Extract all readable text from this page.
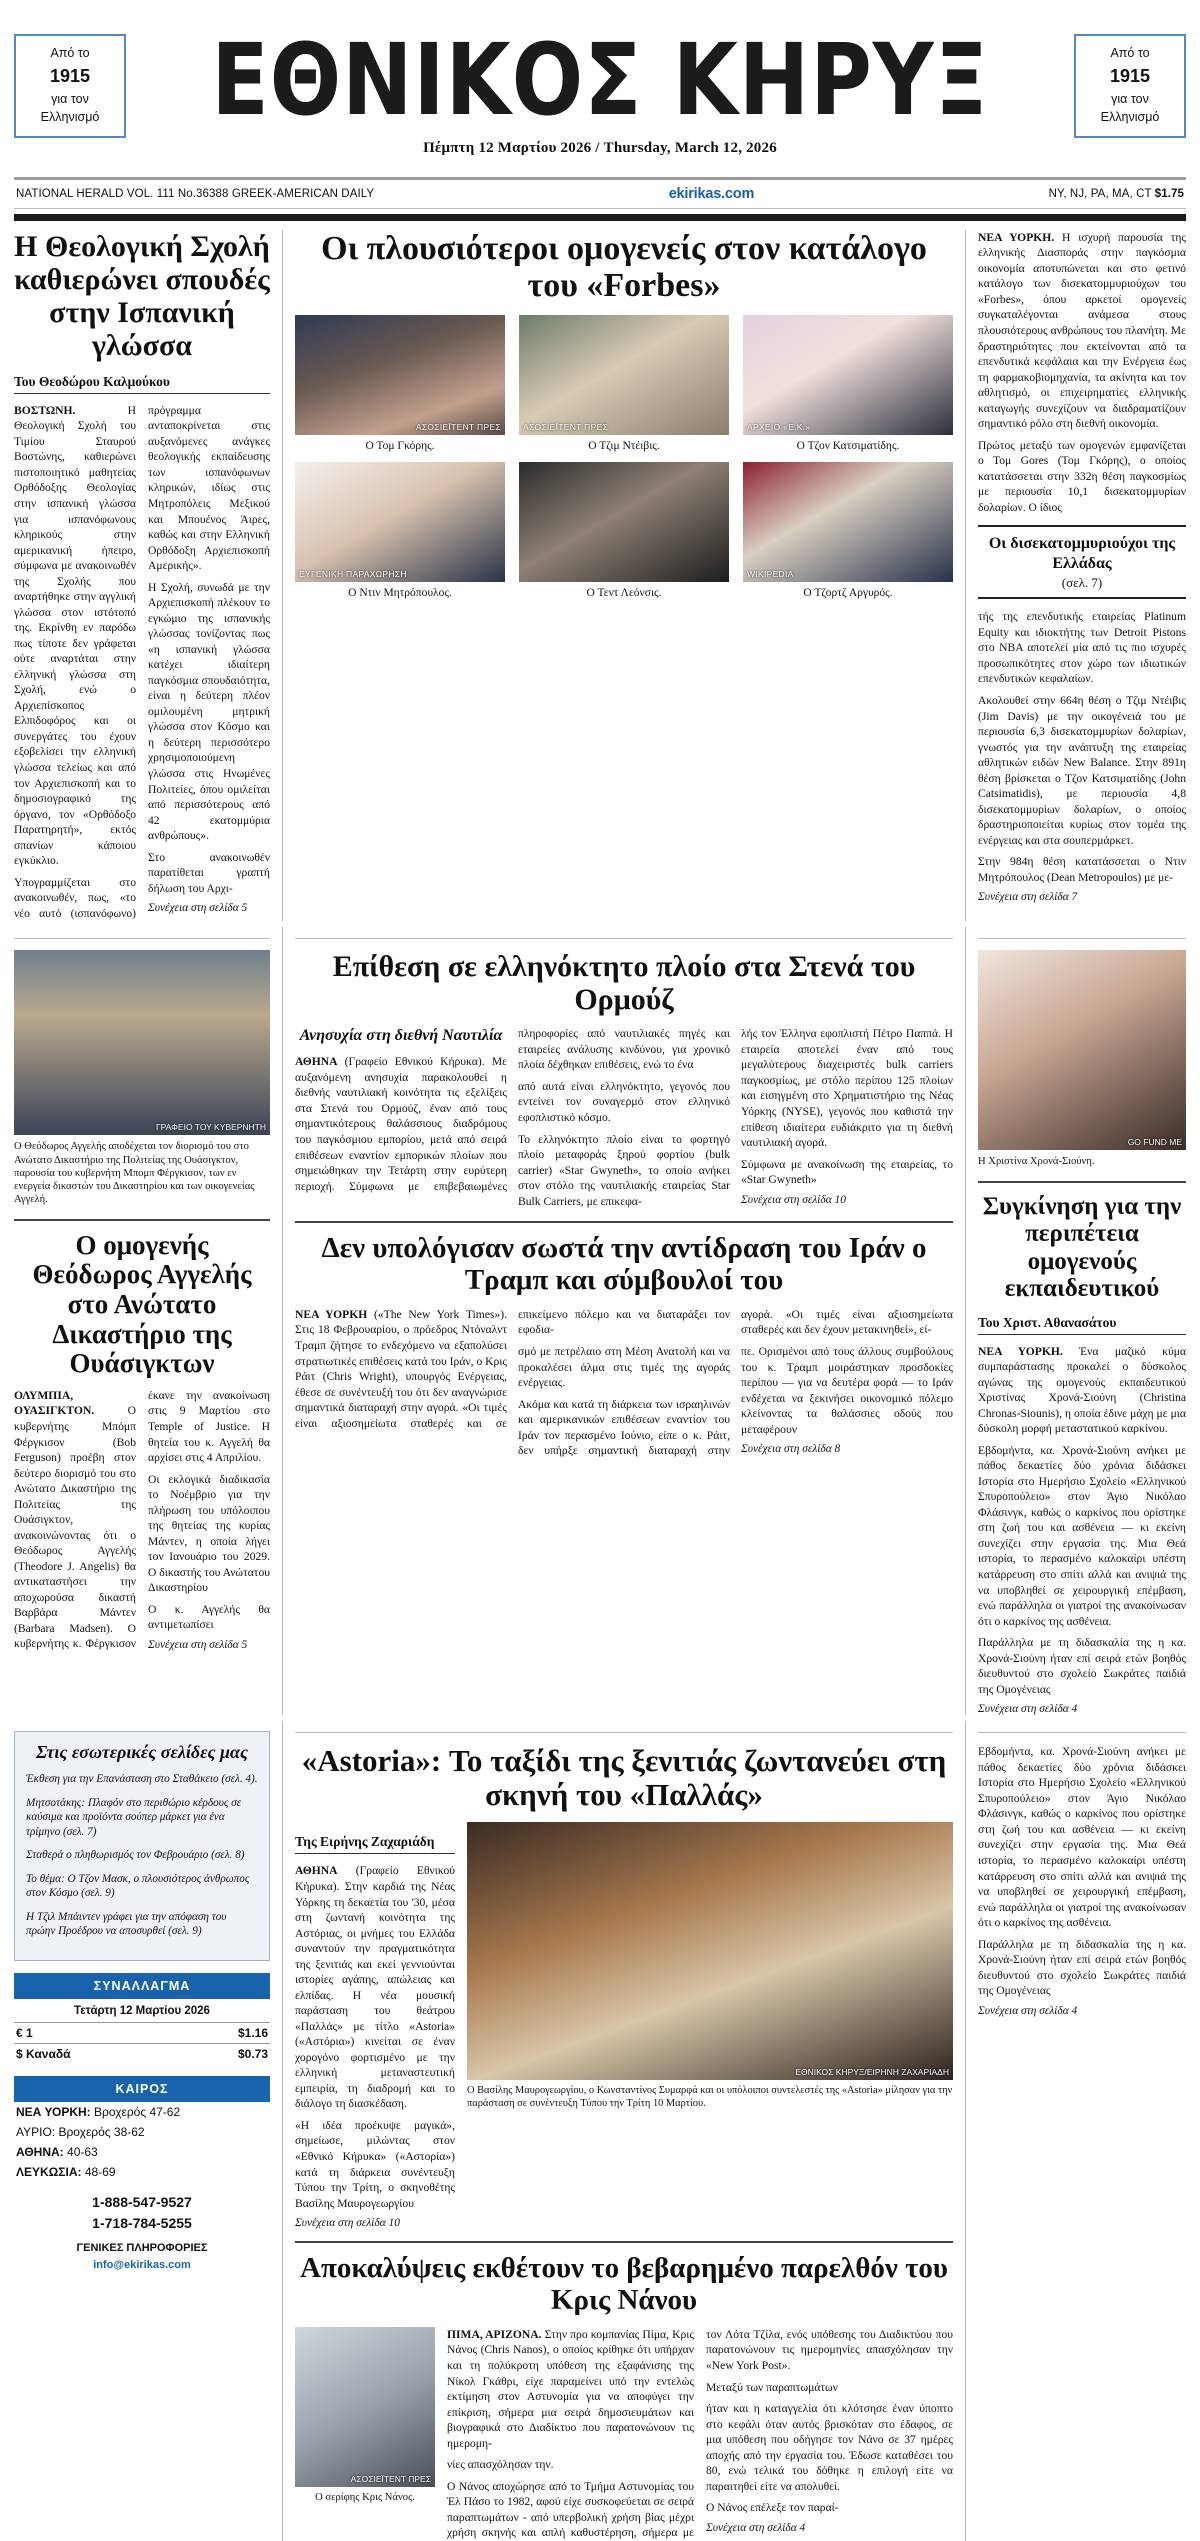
Από το
1915
για τον
Ελληνισμό	ΕΘΝΙΚΟΣ ΚΗΡΥΞ
Πέμπτη 12 Μαρτίου 2026 / Thursday, March 12, 2026
Από το
1915
για τον
Ελληνισμό
NATIONAL HERALD VOL. 111 No.36388 GREEK-AMERICAN DAILY	ekirikas.com	NY, NJ, PA, MA, CT $1.75
Η Θεολογική Σχολή καθιερώνει σπουδές στην Ισπανική γλώσσα
Του Θεοδώρου Καλμούκου

ΒΟΣΤΩΝΗ. Η Θεολογική Σχολή του Τιμίου Σταυρού Βοστώνης, καθιερώνει πιστοποιητικό μαθητείας Ορθόδοξης Θεολογίας στην ισπανική γλώσσα για ισπανόφωνους κληρικούς στην αμερικανική ήπειρο, σύμφωνα με ανακοινωθέν της Σχολής που αναρτήθηκε στην αγγλική γλώσσα στον ιστότοπό της. Εκρίνθη εν παρόδω πως τίποτε δεν γράφεται ούτε αναρτάται στην ελληνική γλώσσα στη Σχολή, ενώ ο Αρχιεπίσκοπος Ελπιδοφόρος και οι συνεργάτες του έχουν εξοβελίσει την ελληνική γλώσσα τελείως και από τον Αρχιεπισκοπή και το δημοσιογραφικό της όργανο, τον «Ορθόδοξο Παρατηρητή», εκτός σπανίων κάποιου εγκύκλιο.

Υπογραμμίζεται στο ανακοινωθέν, πως, «το νέο αυτό (ισπανόφωνο) πρόγραμμα ανταποκρίνεται στις αυξανόμενες ανάγκες θεολογικής εκπαίδευσης των ισπανόφωνων κληρικών, ιδίως στις Μητροπόλεις Μεξικού και Μπουένος Άιρες, καθώς και στην Ελληνική Ορθόδοξη Αρχιεπισκοπή Αμερικής».

Η Σχολή, συνωδά με την Αρχιεπισκοπή πλέκουν το εγκώμιο της ισπανικής γλώσσας τονίζοντας πως «η ισπανική γλώσσα κατέχει ιδιαίτερη παγκόσμια σπουδαιότητα, είναι η δεύτερη πλέον ομιλουμένη μητρική γλώσσα στον Κόσμο και η δεύτερη περισσότερο χρησιμοποιούμενη γλώσσα στις Ηνωμένες Πολιτείες, όπου ομιλείται από περισσότερους από 42 εκατομμύρια ανθρώπους».

Στο ανακοινωθέν παρατίθεται γραπτή δήλωση του Αρχι-

Συνέχεια στη σελίδα 5
Οι πλουσιότεροι ομογενείς στον κατάλογο του «Forbes»
ΑΣΟΣΙΕΪΤΕΝΤ ΠΡΕΣ
Ο Τομ Γκόρης.
ΑΣΟΣΙΕΪΤΕΝΤ ΠΡΕΣ
Ο Τζιμ Ντέιβις.
ΑΡΧΕΙΟ «Ε.Κ.»
Ο Τζον Κατσιματίδης.
ΕΥΓΕΝΙΚΗ ΠΑΡΑΧΩΡΗΣΗ
Ο Ντιν Μητρόπουλος.	Ο Τεντ Λεόνσις.
WIKIPEDIA
Ο Τζορτζ Αργυρός.

ΝΕΑ ΥΟΡΚΗ. Η ισχυρή παρουσία της ελληνικής Διασποράς στην παγκόσμια οικονομία αποτυπώνεται και στο φετινό κατάλογο των δισεκατομμυριούχων του «Forbes», όπου αρκετοί ομογενείς συγκαταλέγονται ανάμεσα στους πλουσιότερους ανθρώπους του πλανήτη. Με δραστηριότητες που εκτείνονται από τα επενδυτικά κεφάλαια και την Ενέργεια έως τη φαρμακοβιομηχανία, τα ακίνητα και τον αθλητισμό, οι επιχειρηματίες ελληνικής καταγωγής συνεχίζουν να διαδραματίζουν σημαντικό ρόλο στη διεθνή οικονομία.

Πρώτος μεταξύ των ομογενών εμφανίζεται ο Τομ Gores (Τομ Γκόρης), ο οποίος κατατάσσεται στην 332η θέση παγκοσμίως με περιουσία 10,1 δισεκατομμυρίων δολαρίων. Ο ίδιος

Οι δισεκατομμυριούχοι της Ελλάδας
(σελ. 7)

τής της επενδυτικής εταιρείας Platinum Equity και ιδιοκτήτης των Detroit Pistons στο NBA αποτελεί μία από τις πιο ισχυρές προσωπικότητες στον χώρο των ιδιωτικών επενδυτικών κεφαλαίων.

Ακολουθεί στην 664η θέση ο Τζιμ Ντέιβις (Jim Davis) με την οικογένειά του με περιουσία 6,3 δισεκατομμυρίων δολαρίων, γνωστός για την ανάπτυξη της εταιρείας αθλητικών ειδών New Balance. Στην 891η θέση βρίσκεται ο Τζον Κατσιματίδης (John Catsimatidis), με περιουσία 4,8 δισεκατομμυρίων δολαρίων, ο οποίος δραστηριοποιείται κυρίως στον τομέα της ενέργειας και στα σουπερμάρκετ.

Στην 984η θέση κατατάσσεται ο Ντιν Μητρόπουλος (Dean Metropoulos) με με-

Συνέχεια στη σελίδα 7
ΓΡΑΦΕΙΟ ΤΟΥ ΚΥΒΕΡΝΗΤΗ
Ο Θεόδωρος Αγγελής αποδέχεται τον διορισμό του στο Ανώτατο Δικαστήριο της Πολιτείας της Ουάσιγκτον, παρουσία του κυβερνήτη Μπομπ Φέργκισον, των εν ενεργεία δικαστών του Δικαστηρίου και των οικογενείας Αγγελή.
Ο ομογενής Θεόδωρος Αγγελής στο Ανώτατο Δικαστήριο της Ουάσιγκτων

ΟΛΥΜΠΙΑ, ΟΥΑΣΙΓΚΤΟΝ. Ο κυβερνήτης Μπόμπ Φέργκισον (Bob Ferguson) προέβη στον δεύτερο διορισμό του στο Ανώτατο Δικαστήριο της Πολιτείας της Ουάσιγκτον, ανακοινώνοντας ότι ο Θεόδωρος Αγγελής (Theodore J. Angelis) θα αντικαταστήσει την αποχωρούσα δικαστή Βαρβάρα Μάντεν (Barbara Madsen). Ο κυβερνήτης κ. Φέργκισον έκανε την ανακοίνωση στις 9 Μαρτίου στο Temple of Justice. Η θητεία του κ. Αγγελή θα αρχίσει στις 4 Απριλίου.

Οι εκλογικά διαδικασία το Νοέμβριο για την πλήρωση του υπόλοιπου της θητείας της κυρίας Μάντεν, η οποία λήγει τον Ιανουάριο του 2029. Ο δικαστής του Ανώτατου Δικαστηρίου

Ο κ. Αγγελής θα αντιμετωπίσει

Συνέχεια στη σελίδα 5
Επίθεση σε ελληνόκτητο πλοίο στα Στενά του Ορμούζ
Ανησυχία στη διεθνή Ναυτιλία

ΑΘΗΝΑ (Γραφείο Εθνικού Κήρυκα). Με αυξανόμενη ανησυχία παρακολουθεί η διεθνής ναυτιλιακή κοινότητα τις εξελίξεις στα Στενά του Ορμούζ, έναν από τους σημαντικότερους θαλάσσιους διαδρόμους του παγκόσμιου εμπορίου, μετά από σειρά επιθέσεων εναντίον εμπορικών πλοίων που σημειώθηκαν την Τετάρτη στην ευρύτερη περιοχή. Σύμφωνα με επιβεβαιωμένες πληροφορίες από ναυτιλιακές πηγές και εταιρείες ανάλυσης κινδύνου, για χρονικό πλοία δέχθηκαν επιθέσεις, ενώ το ένα

από αυτά είναι ελληνόκτητο, γεγονός που εντείνει τον συναγερμό στον ελληνικό εφοπλιστικό κόσμο.

Το ελληνόκτητο πλοίο είναι το φορτηγό πλοίο μεταφοράς ξηρού φορτίου (bulk carrier) «Star Gwyneth», το οποίο ανήκει στον στόλο της ναυτιλιακής εταιρείας Star Bulk Carriers, με επικεφα-

λής τον Έλληνα εφοπλιστή Πέτρο Παππά. Η εταιρεία αποτελεί έναν από τους μεγαλύτερους διαχειριστές bulk carriers παγκοσμίως, με στόλο περίπου 125 πλοίων και εισηγμένη στο Χρηματιστήριο της Νέας Υόρκης (NYSE), γεγονός που καθιστά την επίθεση ιδιαίτερα ευδιάκριτο για τη διεθνή ναυτιλιακή αγορά.

Σύμφωνα με ανακοίνωση της εταιρείας, το «Star Gwyneth»

Συνέχεια στη σελίδα 10
Δεν υπολόγισαν σωστά την αντίδραση του Ιράν ο Τραμπ και σύμβουλοί του

ΝΕΑ ΥΟΡΚΗ («The New York Times»). Στις 18 Φεβρουαρίου, ο πρόεδρος Ντόναλντ Τραμπ ζήτησε το ενδεχόμενο να εξαπολύσει στρατιωτικές επιθέσεις κατά του Ιράν, ο Κρις Ράιτ (Chris Wright), υπουργός Ενέργειας, έθεσε σε συνέντευξή του ότι δεν αναγνώρισε σημαντικά διαταραχή στην αγορά. «Οι τιμές είναι αξιοσημείωτα σταθερές και σε επικείμενο πόλεμο και να διαταράξει τον εφοδια-

σμό με πετρέλαιο στη Μέση Ανατολή και να προκαλέσει άλμα στις τιμές της αγοράς ενέργειας.

Ακόμα και κατά τη διάρκεια των ισραηλινών και αμερικανικών επιθέσεων εναντίον του Ιράν τον περασμένο Ιούνιο, είπε ο κ. Ράιτ, δεν υπήρξε σημαντική διαταραχή στην αγορά. «Οι τιμές είναι αξιοσημείωτα σταθερές και δεν έχουν μετακινηθεί», εί-

πε. Ορισμένοι από τους άλλους συμβούλους του κ. Τραμπ μοιράστηκαν προσδοκίες περίπου — για να δευτέρα φορά — το Ιράν ενδέχεται να ξεκινήσει οικονομικό πόλεμο κλείνοντας τα θαλάσσιες οδούς που μεταφέρουν

Συνέχεια στη σελίδα 8
GO FUND ME
Η Χριστίνα Χρονά-Σιούνη.
Συγκίνηση για την περιπέτεια ομογενούς εκπαιδευτικού
Του Χριστ. Αθανασάτου

ΝΕΑ ΥΟΡΚΗ. Ένα μαζικό κύμα συμπαράστασης προκαλεί ο δύσκολος αγώνας της ομογενούς εκπαιδευτικού Χριστίνας Χρονά-Σιούνη (Christina Chronas-Siounis), η οποία έδινε μάχη με μια δύσκολη μορφή μεταστατικού καρκίνου.

Εβδομήντα, κα. Χρονά-Σιούνη ανήκει με πάθος δεκαετίες δύο χρόνια διδάσκει Ιστορία στο Ημερήσιο Σχολείο «Ελληνικού Σπυροπούλειο» στον Άγιο Νικόλαο Φλάσινγκ, καθώς ο καρκίνος που ορίστηκε στη ζωή του και ασθένεια — κι εκείνη συνεχίζει στην εργασία της. Μια Θεά ιστορία, το περασμένο καλοκαίρι υπέστη κατάρρευση στο σπίτι αλλά και ανιψιά της να υποβληθεί σε χειρουργική επέμβαση, ενώ παράλληλα οι γιατροί της ανακοίνωσαν ότι ο καρκίνος της ασθένεια.

Παράλληλα με τη διδασκαλία της η κα. Χρονά-Σιούνη ήταν επί σειρά ετών βοηθός διευθυντού στο σχολείο Σωκράτες παιδιά της Ομογένειας

Συνέχεια στη σελίδα 4
Στις εσωτερικές σελίδες μας

Έκθεση για την Επανάσταση στο Σταθάκειο (σελ. 4).

Μητσοτάκης: Πλαφόν στο περιθώριο κέρδους σε καύσιμα και προϊόντα σούπερ μάρκετ για ένα τρίμηνο (σελ. 7)

Σταθερά ο πληθωρισμός τον Φεβρουάριο (σελ. 8)

Το θέμα: Ο Τζον Μασκ, ο πλουσιότερος άνθρωπος στον Κόσμο (σελ. 9)

Η Τζιλ Μπάιντεν γράφει για την απόφαση του πρώην Προέδρου να αποσυρθεί (σελ. 9)

ΣΥΝΑΛΛΑΓΜΑ
Τετάρτη 12 Μαρτίου 2026
€ 1	$1.16
$ Καναδά	$0.73
ΚΑΙΡΟΣ
ΝΕΑ ΥΟΡΚΗ: Βροχερός 47-62
ΑΥΡΙΟ: Βροχερός 38-62
ΑΘΗΝΑ: 40-63
ΛΕΥΚΩΣΙΑ: 48-69
1-888-547-9527
1-718-784-5255
ΓΕΝΙΚΕΣ ΠΛΗΡΟΦΟΡΙΕΣ
info@ekirikas.com
«Astoria»: Το ταξίδι της ξενιτιάς ζωντανεύει στη σκηνή του «Παλλάς»
Της Ειρήνης Ζαχαριάδη

ΑΘΗΝΑ (Γραφείο Εθνικού Κήρυκα). Στην καρδιά της Νέας Υόρκης τη δεκαετία του '30, μέσα στη ζωντανή κοινότητα της Αστόριας, οι μνήμες του Ελλάδα συναντούν την πραγματικότητα της ξενιτιάς και εκεί γεννιούνται ιστορίες αγάπης, απώλειας και ελπίδας. Η νέα μουσική παράσταση του θεάτρου «Παλλάς» με τίτλο «Astoria» («Αστόρια») κινείται σε έναν χορογόνο φορτισμένο με την ελληνική μεταναστευτική εμπειρία, τη διαδρομή και το διάλογο τη διασκέδαση.

«Η ιδέα προέκυψε μαγικά», σημείωσε, μιλώντας στον «Εθνικό Κήρυκα» («Αστορία») κατά τη διάρκεια συνέντευξη Τύπου την Τρίτη, ο σκηνοθέτης Βασίλης Μαυρογεωργίου

Συνέχεια στη σελίδα 10
ΕΘΝΙΚΟΣ ΚΗΡΥΞ/ΕΙΡΗΝΗ ΖΑΧΑΡΙΑΔΗ
Ο Βασίλης Μαυρογεωργίου, ο Κωνσταντίνος Συμαρφά και οι υπόλοιποι συντελεστές της «Astoria» μίλησαν για την παράσταση σε συνέντευξη Τύπου την Τρίτη 10 Μαρτίου.
Αποκαλύψεις εκθέτουν το βεβαρημένο παρελθόν του Κρις Νάνου
ΑΣΟΣΙΕΪΤΕΝΤ ΠΡΕΣ
Ο σερίφης Κρις Νάνος.

ΠΙΜΑ, ΑΡΙΖΟΝΑ. Στην προ κομπανίας Πίμα, Κρις Νάνος (Chris Nanos), ο οποίος κρίθηκε ότι υπήρχαν και τη πολύκροτη υπόθεση της εξαφάνισης της Νίκολ Γκάθρι, είχε παραμείνει υπό την εντελώς εκτίμηση στον Αστυνομία για να αποφύγει την επίκριση, σήμερα μια σειρά δημοσιευμάτων και βιογραφικά στο Διαδίκτυο που παρατονώνουν τις ημερομη-

νίες απασχόλησαν την.

Ο Νάνος αποχώρησε από το Τμήμα Αστυνομίας του Έλ Πάσο το 1982, αφού είχε συσκοφεύεται σε σειρά παραπτωμάτων - από υπερβολική χρήση βίας μέχρι χρήση σκηνής και απλή καθυστέρηση, σήμερα με τον Λότα Τζίλα, ενός υπόθεσης του Διαδικτύου που παρατονώνουν τις ημερομηνίες απασχόλησαν την «New York Post».

Μεταξύ των παραπτωμάτων

ήταν και η καταγγελία ότι κλότσησε έναν ύποπτο στο κεφάλι όταν αυτός βρισκόταν στο έδαφος, σε μια υπόθεση που οδήγησε τον Νάνο σε 37 ημέρες αποχής από την εργασία του. Έδωσε καταθέσει του 80, ενώ τελικά του δόθηκε η επιλογή είτε να παραιτηθεί είτε να απολυθεί.

Ο Νάνος επέλεξε τον παραί-

Συνέχεια στη σελίδα 4

Εβδομήντα, κα. Χρονά-Σιούνη ανήκει με πάθος δεκαετίες δύο χρόνια διδάσκει Ιστορία στο Ημερήσιο Σχολείο «Ελληνικού Σπυροπούλειο» στον Άγιο Νικόλαο Φλάσινγκ, καθώς ο καρκίνος που ορίστηκε στη ζωή του και ασθένεια — κι εκείνη συνεχίζει στην εργασία της. Μια Θεά ιστορία, το περασμένο καλοκαίρι υπέστη κατάρρευση στο σπίτι αλλά και ανιψιά της να υποβληθεί σε χειρουργική επέμβαση, ενώ παράλληλα οι γιατροί της ανακοίνωσαν ότι ο καρκίνος της ασθένεια.

Παράλληλα με τη διδασκαλία της η κα. Χρονά-Σιούνη ήταν επί σειρά ετών βοηθός διευθυντού στο σχολείο Σωκράτες παιδιά της Ομογένειας

Συνέχεια στη σελίδα 4
